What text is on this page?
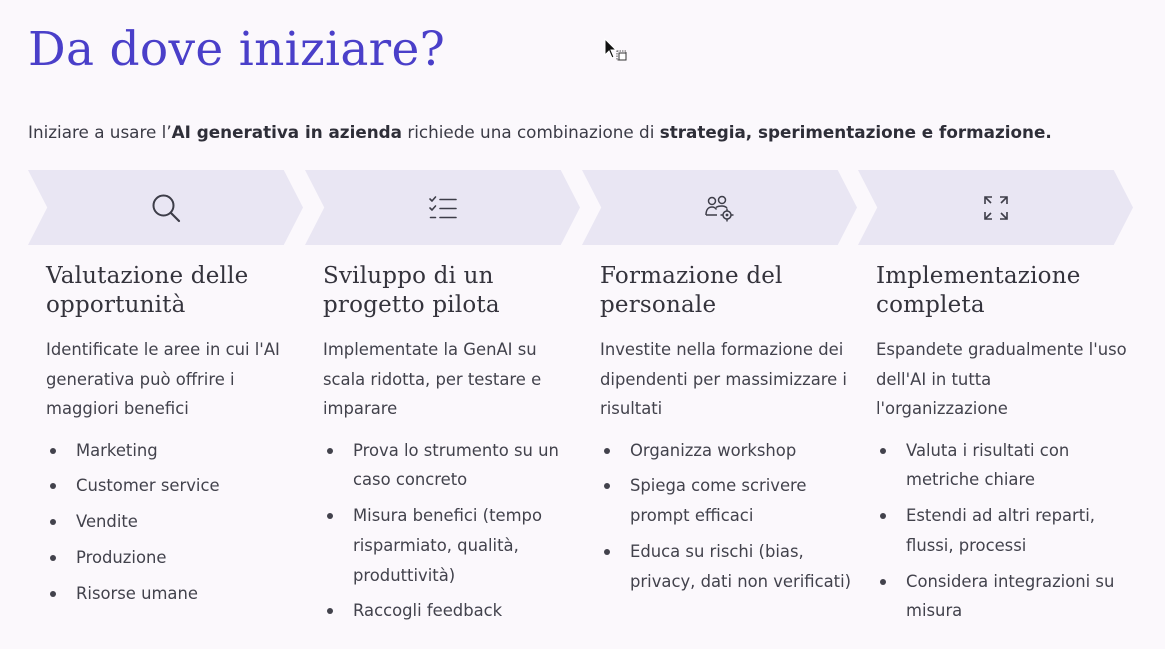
Da dove iniziare?

Iniziare a usare l’AI generativa in azienda richiede una combinazione di strategia, sperimentazione e formazione.

Valutazione delle opportunità

Identificate le aree in cui l'AI generativa può offrire i maggiori benefici

Marketing
Customer service
Vendite
Produzione
Risorse umane
Sviluppo di un progetto pilota

Implementate la GenAI su scala ridotta, per testare e imparare

Prova lo strumento su un caso concreto
Misura benefici (tempo risparmiato, qualità, produttività)
Raccogli feedback
Formazione del personale

Investite nella formazione dei dipendenti per massimizzare i risultati

Organizza workshop
Spiega come scrivere prompt efficaci
Educa su rischi (bias, privacy, dati non verificati)
Implementazione completa

Espandete gradualmente l'uso dell'AI in tutta l'organizzazione

Valuta i risultati con metriche chiare
Estendi ad altri reparti, flussi, processi
Considera integrazioni su misura
